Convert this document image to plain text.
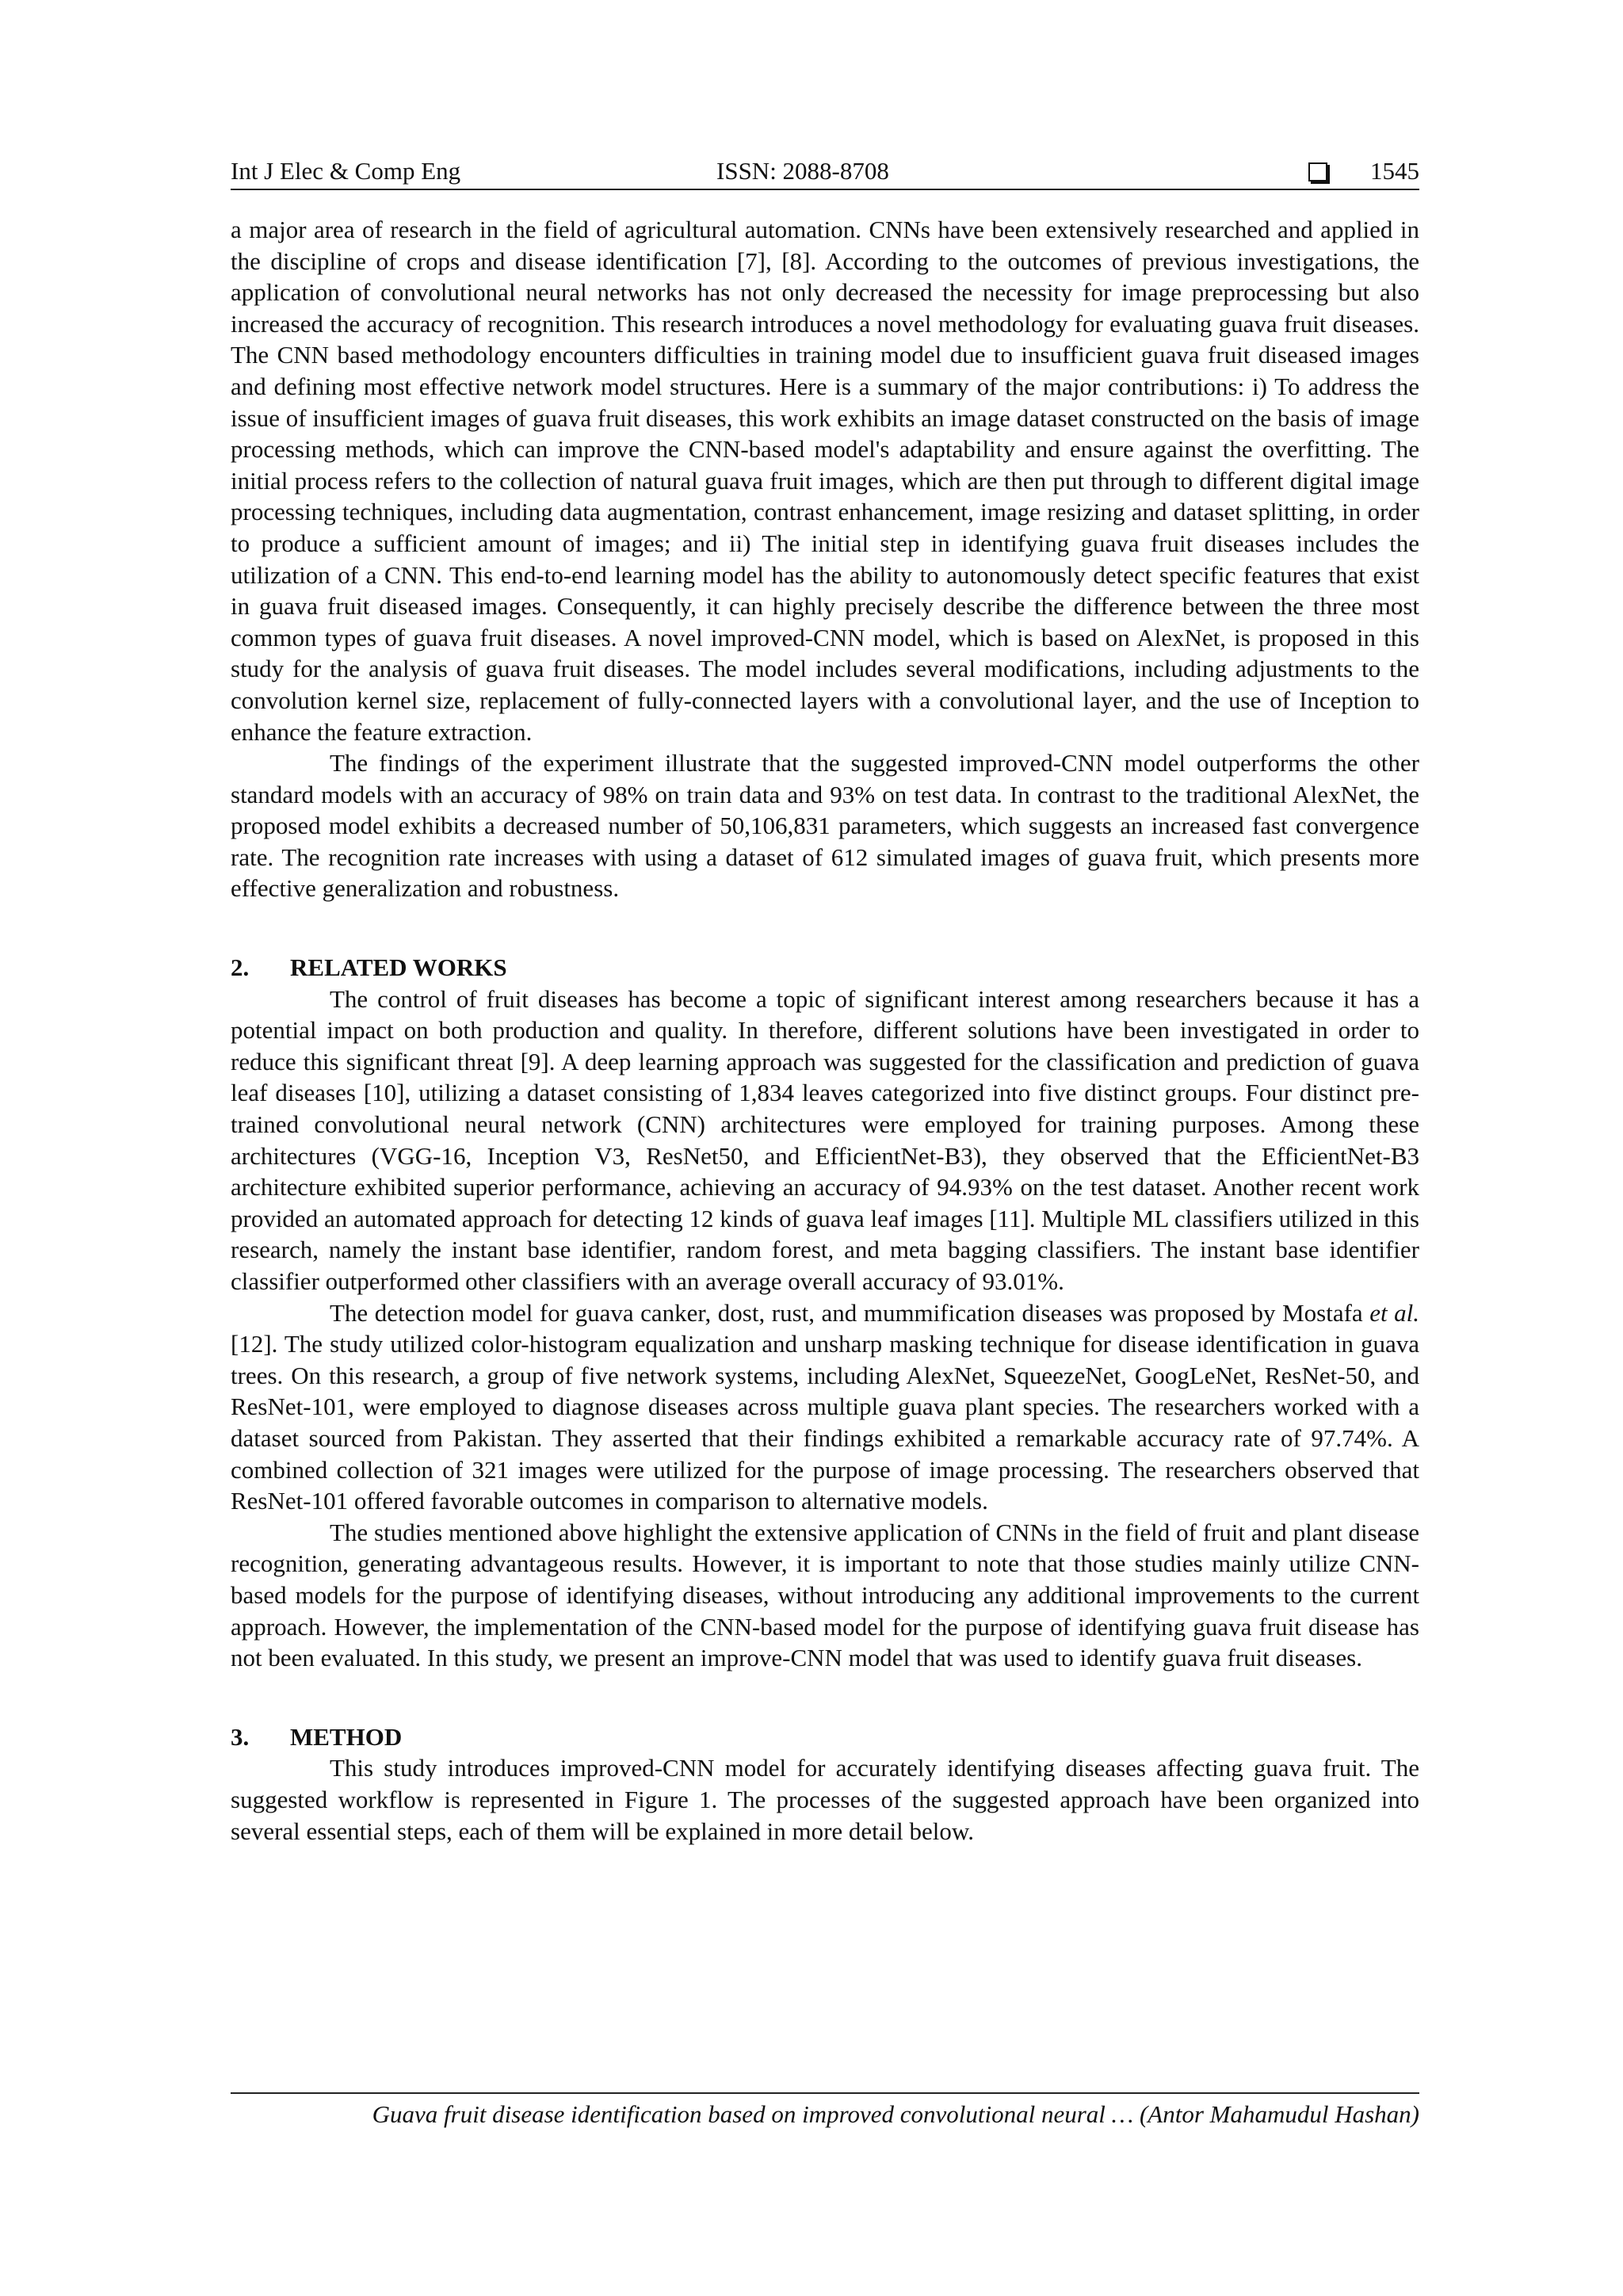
Int J Elec & Comp Eng	ISSN: 2088-8708	1545

a major area of research in the field of agricultural automation. CNNs have been extensively researched and applied in the discipline of crops and disease identification [7], [8]. According to the outcomes of previous investigations, the application of convolutional neural networks has not only decreased the necessity for image preprocessing but also increased the accuracy of recognition. This research introduces a novel methodology for evaluating guava fruit diseases. The CNN based methodology encounters difficulties in training model due to insufficient guava fruit diseased images and defining most effective network model structures. Here is a summary of the major contributions: i) To address the issue of insufficient images of guava fruit diseases, this work exhibits an image dataset constructed on the basis of image processing methods, which can improve the CNN-based model's adaptability and ensure against the overfitting. The initial process refers to the collection of natural guava fruit images, which are then put through to different digital image processing techniques, including data augmentation, contrast enhancement, image resizing and dataset splitting, in order to produce a sufficient amount of images; and ii) The initial step in identifying guava fruit diseases includes the utilization of a CNN. This end-to-end learning model has the ability to autonomously detect specific features that exist in guava fruit diseased images. Consequently, it can highly precisely describe the difference between the three most common types of guava fruit diseases. A novel improved-CNN model, which is based on AlexNet, is proposed in this study for the analysis of guava fruit diseases. The model includes several modifications, including adjustments to the convolution kernel size, replacement of fully-connected layers with a convolutional layer, and the use of Inception to enhance the feature extraction.

The findings of the experiment illustrate that the suggested improved-CNN model outperforms the other standard models with an accuracy of 98% on train data and 93% on test data. In contrast to the traditional AlexNet, the proposed model exhibits a decreased number of 50,106,831 parameters, which suggests an increased fast convergence rate. The recognition rate increases with using a dataset of 612 simulated images of guava fruit, which presents more effective generalization and robustness.

2. RELATED WORKS

The control of fruit diseases has become a topic of significant interest among researchers because it has a potential impact on both production and quality. In therefore, different solutions have been investigated in order to reduce this significant threat [9]. A deep learning approach was suggested for the classification and prediction of guava leaf diseases [10], utilizing a dataset consisting of 1,834 leaves categorized into five distinct groups. Four distinct pre-trained convolutional neural network (CNN) architectures were employed for training purposes. Among these architectures (VGG-16, Inception V3, ResNet50, and EfficientNet-B3), they observed that the EfficientNet-B3 architecture exhibited superior performance, achieving an accuracy of 94.93% on the test dataset. Another recent work provided an automated approach for detecting 12 kinds of guava leaf images [11]. Multiple ML classifiers utilized in this research, namely the instant base identifier, random forest, and meta bagging classifiers. The instant base identifier classifier outperformed other classifiers with an average overall accuracy of 93.01%.

The detection model for guava canker, dost, rust, and mummification diseases was proposed by Mostafa et al. [12]. The study utilized color-histogram equalization and unsharp masking technique for disease identification in guava trees. On this research, a group of five network systems, including AlexNet, SqueezeNet, GoogLeNet, ResNet-50, and ResNet-101, were employed to diagnose diseases across multiple guava plant species. The researchers worked with a dataset sourced from Pakistan. They asserted that their findings exhibited a remarkable accuracy rate of 97.74%. A combined collection of 321 images were utilized for the purpose of image processing. The researchers observed that ResNet-101 offered favorable outcomes in comparison to alternative models.

The studies mentioned above highlight the extensive application of CNNs in the field of fruit and plant disease recognition, generating advantageous results. However, it is important to note that those studies mainly utilize CNN-based models for the purpose of identifying diseases, without introducing any additional improvements to the current approach. However, the implementation of the CNN-based model for the purpose of identifying guava fruit disease has not been evaluated. In this study, we present an improve-CNN model that was used to identify guava fruit diseases.

3. METHOD

This study introduces improved-CNN model for accurately identifying diseases affecting guava fruit. The suggested workflow is represented in Figure 1. The processes of the suggested approach have been organized into several essential steps, each of them will be explained in more detail below.

Guava fruit disease identification based on improved convolutional neural … (Antor Mahamudul Hashan)
